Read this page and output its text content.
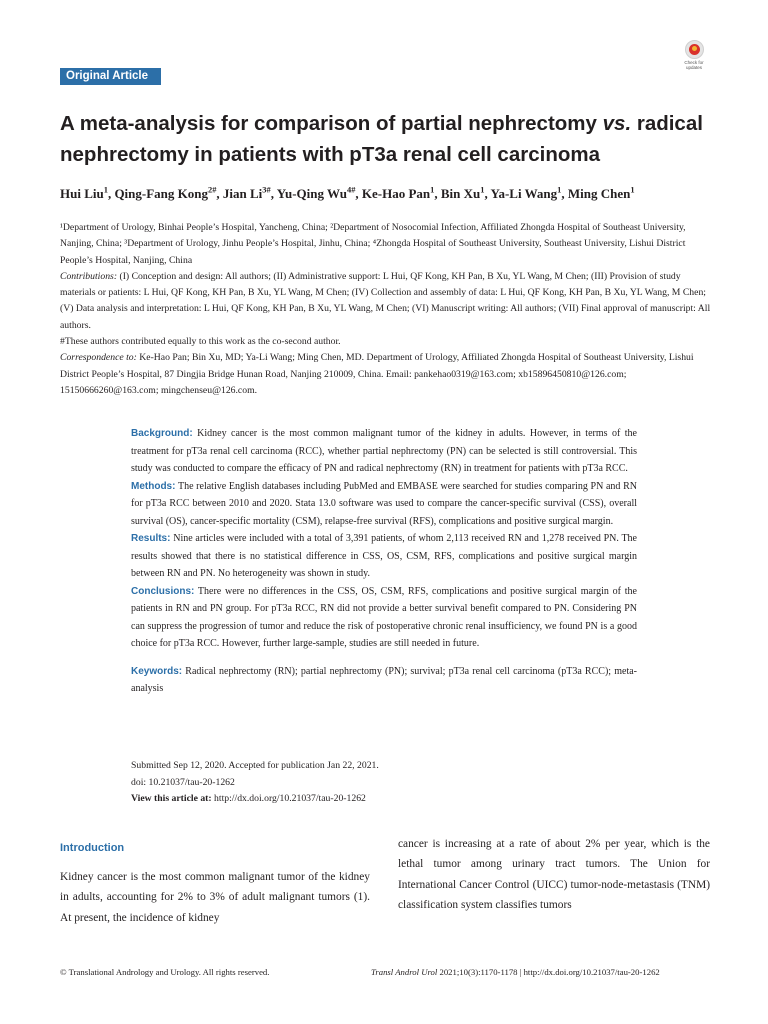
Original Article
Check for updates
A meta-analysis for comparison of partial nephrectomy vs. radical nephrectomy in patients with pT3a renal cell carcinoma
Hui Liu$^1$, Qing-Fang Kong$^{2\#}$, Jian $Li^{3\#}$, Yu-Qing $Wu^{4\#}$, Ke-Hao Pan$^1$, Bin Xu$^1$, Ya-Li Wang$^1$, Ming Chen$^1$

¹Department of Urology, Binhai People’s Hospital, Yancheng, China; ²Department of Nosocomial Infection, Affiliated Zhongda Hospital of Southeast University, Nanjing, China; ³Department of Urology, Jinhu People’s Hospital, Jinhu, China; ⁴Zhongda Hospital of Southeast University, Southeast University, Lishui District People’s Hospital, Nanjing, China

Contributions: (I) Conception and design: All authors; (II) Administrative support: L Hui, QF Kong, KH Pan, B Xu, YL Wang, M Chen; (III) Provision of study materials or patients: L Hui, QF Kong, KH Pan, B Xu, YL Wang, M Chen; (IV) Collection and assembly of data: L Hui, QF Kong, KH Pan, B Xu, YL Wang, M Chen; (V) Data analysis and interpretation: L Hui, QF Kong, KH Pan, B Xu, YL Wang, M Chen; (VI) Manuscript writing: All authors; (VII) Final approval of manuscript: All authors.

#These authors contributed equally to this work as the co-second author.

Correspondence to: Ke-Hao Pan; Bin Xu, MD; Ya-Li Wang; Ming Chen, MD. Department of Urology, Affiliated Zhongda Hospital of Southeast University, Lishui District People’s Hospital, 87 Dingjia Bridge Hunan Road, Nanjing 210009, China. Email: pankehao0319@163.com; xb15896450810@126.com; 15150666260@163.com; mingchenseu@126.com.

Background: Kidney cancer is the most common malignant tumor of the kidney in adults. However, in terms of the treatment for pT3a renal cell carcinoma (RCC), whether partial nephrectomy (PN) can be selected is still controversial. This study was conducted to compare the efficacy of PN and radical nephrectomy (RN) in treatment for patients with pT3a RCC.

Methods: The relative English databases including PubMed and EMBASE were searched for studies comparing PN and RN for pT3a RCC between 2010 and 2020. Stata 13.0 software was used to compare the cancer-specific survival (CSS), overall survival (OS), cancer-specific mortality (CSM), relapse-free survival (RFS), complications and positive surgical margin.

Results: Nine articles were included with a total of 3,391 patients, of whom 2,113 received RN and 1,278 received PN. The results showed that there is no statistical difference in CSS, OS, CSM, RFS, complications and positive surgical margin between RN and PN. No heterogeneity was shown in study.

Conclusions: There were no differences in the CSS, OS, CSM, RFS, complications and positive surgical margin of the patients in RN and PN group. For pT3a RCC, RN did not provide a better survival benefit compared to PN. Considering PN can suppress the progression of tumor and reduce the risk of postoperative chronic renal insufficiency, we found PN is a good choice for pT3a RCC. However, further large-sample, studies are still needed in future.

Keywords: Radical nephrectomy (RN); partial nephrectomy (PN); survival; pT3a renal cell carcinoma (pT3a RCC); meta-analysis

Submitted Sep 12, 2020. Accepted for publication Jan 22, 2021.
doi: 10.21037/tau-20-1262
View this article at: http://dx.doi.org/10.21037/tau-20-1262
Introduction
Kidney cancer is the most common malignant tumor of the kidney in adults, accounting for 2% to 3% of adult malignant tumors (1). At present, the incidence of kidney
cancer is increasing at a rate of about 2% per year, which is the lethal tumor among urinary tract tumors. The Union for International Cancer Control (UICC) tumor-node-metastasis (TNM) classification system classifies tumors
© Translational Andrology and Urology. All rights reserved.	Transl Androl Urol 2021;10(3):1170-1178 | http://dx.doi.org/10.21037/tau-20-1262
